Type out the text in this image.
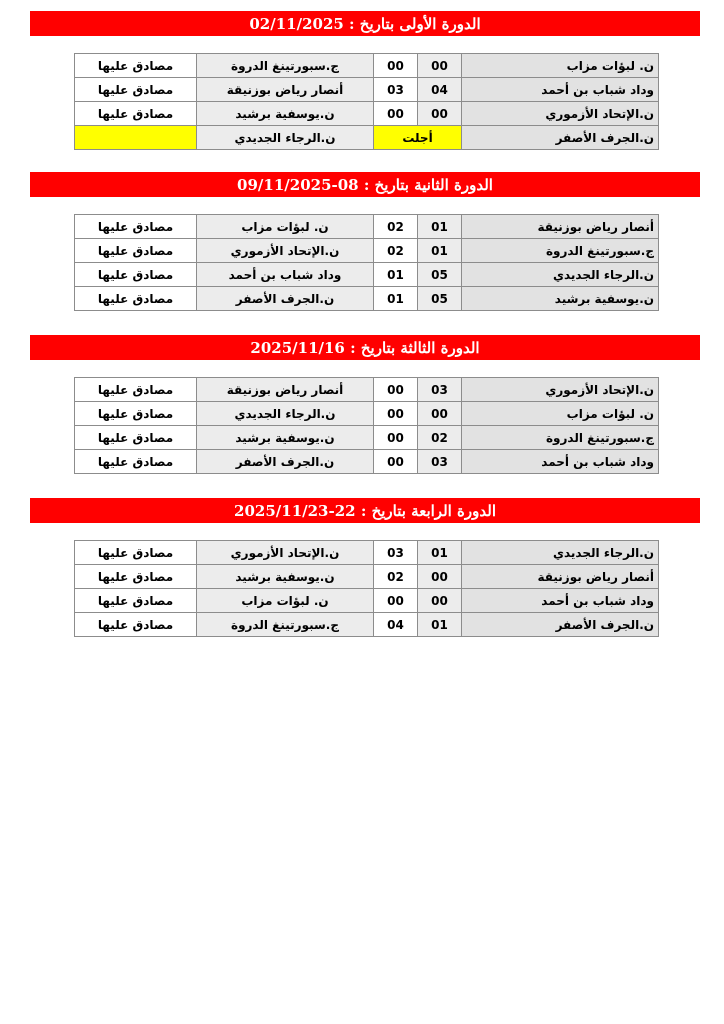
الدورة الأولى بتاريخ : 02/11/2025
مصادق عليها	ج.سبورتينغ الدروة	00	00	ن. لبؤات مزاب
مصادق عليها	أنصار رياض بوزنيقة	03	04	وداد شباب بن أحمد
مصادق عليها	ن.يوسفية برشيد	00	00	ن.الإتحاد الأزموري
	ن.الرجاء الجديدي	أجلت		ن.الجرف الأصفر
الدورة الثانية بتاريخ : 08-09/11/2025
مصادق عليها	ن. لبؤات مزاب	02	01	أنصار رياض بوزنيقة
مصادق عليها	ن.الإتحاد الأزموري	02	01	ج.سبورتينغ الدروة
مصادق عليها	وداد شباب بن أحمد	01	05	ن.الرجاء الجديدي
مصادق عليها	ن.الجرف الأصفر	01	05	ن.يوسفية برشيد
الدورة الثالثة بتاريخ : 2025/11/16
مصادق عليها	أنصار رياض بوزنيقة	00	03	ن.الإتحاد الأزموري
مصادق عليها	ن.الرجاء الجديدي	00	00	ن. لبؤات مزاب
مصادق عليها	ن.يوسفية برشيد	00	02	ج.سبورتينغ الدروة
مصادق عليها	ن.الجرف الأصفر	00	03	وداد شباب بن أحمد
الدورة الرابعة بتاريخ : 22-2025/11/23
مصادق عليها	ن.الإتحاد الأزموري	03	01	ن.الرجاء الجديدي
مصادق عليها	ن.يوسفية برشيد	02	00	أنصار رياض بوزنيقة
مصادق عليها	ن. لبؤات مزاب	00	00	وداد شباب بن أحمد
مصادق عليها	ج.سبورتينغ الدروة	04	01	ن.الجرف الأصفر
